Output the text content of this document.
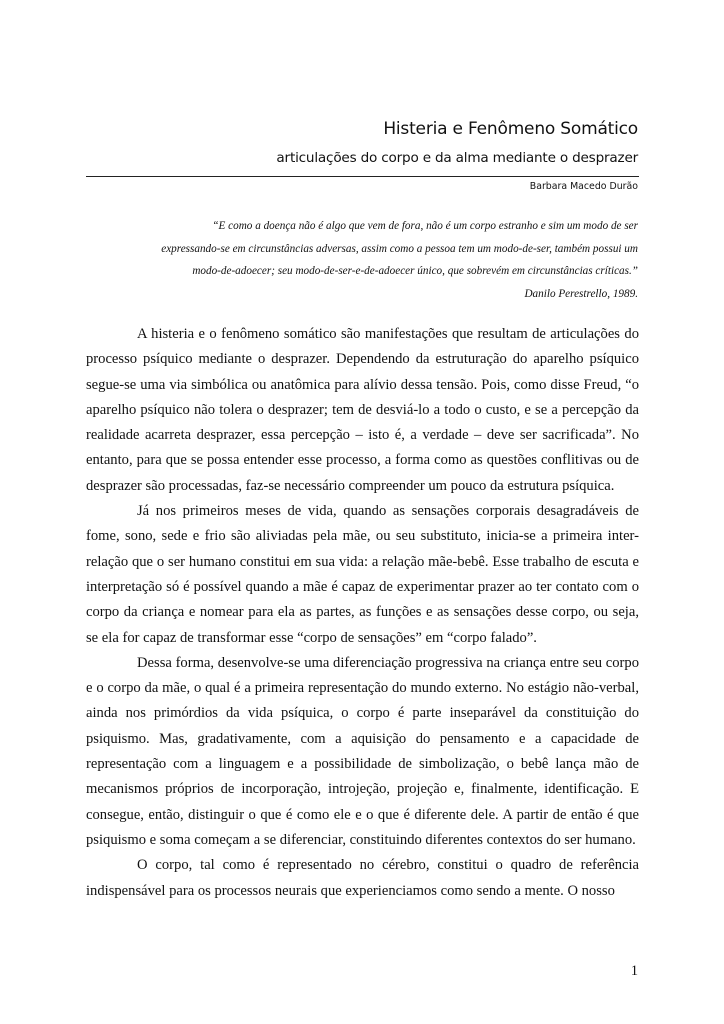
Histeria e Fenômeno Somático
articulações do corpo e da alma mediante o desprazer
Barbara Macedo Durão
“E como a doença não é algo que vem de fora, não é um corpo estranho e sim um modo de ser
expressando-se em circunstâncias adversas, assim como a pessoa tem um modo-de-ser, também possui um
modo-de-adoecer; seu modo-de-ser-e-de-adoecer único, que sobrevém em circunstâncias críticas.”
Danilo Perestrello, 1989.

A histeria e o fenômeno somático são manifestações que resultam de articulações do processo psíquico mediante o desprazer. Dependendo da estruturação do aparelho psíquico segue-se uma via simbólica ou anatômica para alívio dessa tensão. Pois, como disse Freud, “o aparelho psíquico não tolera o desprazer; tem de desviá-lo a todo o custo, e se a percepção da realidade acarreta desprazer, essa percepção – isto é, a verdade – deve ser sacrificada”. No entanto, para que se possa entender esse processo, a forma como as questões conflitivas ou de desprazer são processadas, faz-se necessário compreender um pouco da estrutura psíquica.

Já nos primeiros meses de vida, quando as sensações corporais desagradáveis de fome, sono, sede e frio são aliviadas pela mãe, ou seu substituto, inicia-se a primeira inter-relação que o ser humano constitui em sua vida: a relação mãe-bebê. Esse trabalho de escuta e interpretação só é possível quando a mãe é capaz de experimentar prazer ao ter contato com o corpo da criança e nomear para ela as partes, as funções e as sensações desse corpo, ou seja, se ela for capaz de transformar esse “corpo de sensações” em “corpo falado”.

Dessa forma, desenvolve-se uma diferenciação progressiva na criança entre seu corpo e o corpo da mãe, o qual é a primeira representação do mundo externo. No estágio não-verbal, ainda nos primórdios da vida psíquica, o corpo é parte inseparável da constituição do psiquismo. Mas, gradativamente, com a aquisição do pensamento e a capacidade de representação com a linguagem e a possibilidade de simbolização, o bebê lança mão de mecanismos próprios de incorporação, introjeção, projeção e, finalmente, identificação. E consegue, então, distinguir o que é como ele e o que é diferente dele. A partir de então é que psiquismo e soma começam a se diferenciar, constituindo diferentes contextos do ser humano.

O corpo, tal como é representado no cérebro, constitui o quadro de referência indispensável para os processos neurais que experienciamos como sendo a mente. O nosso

1
